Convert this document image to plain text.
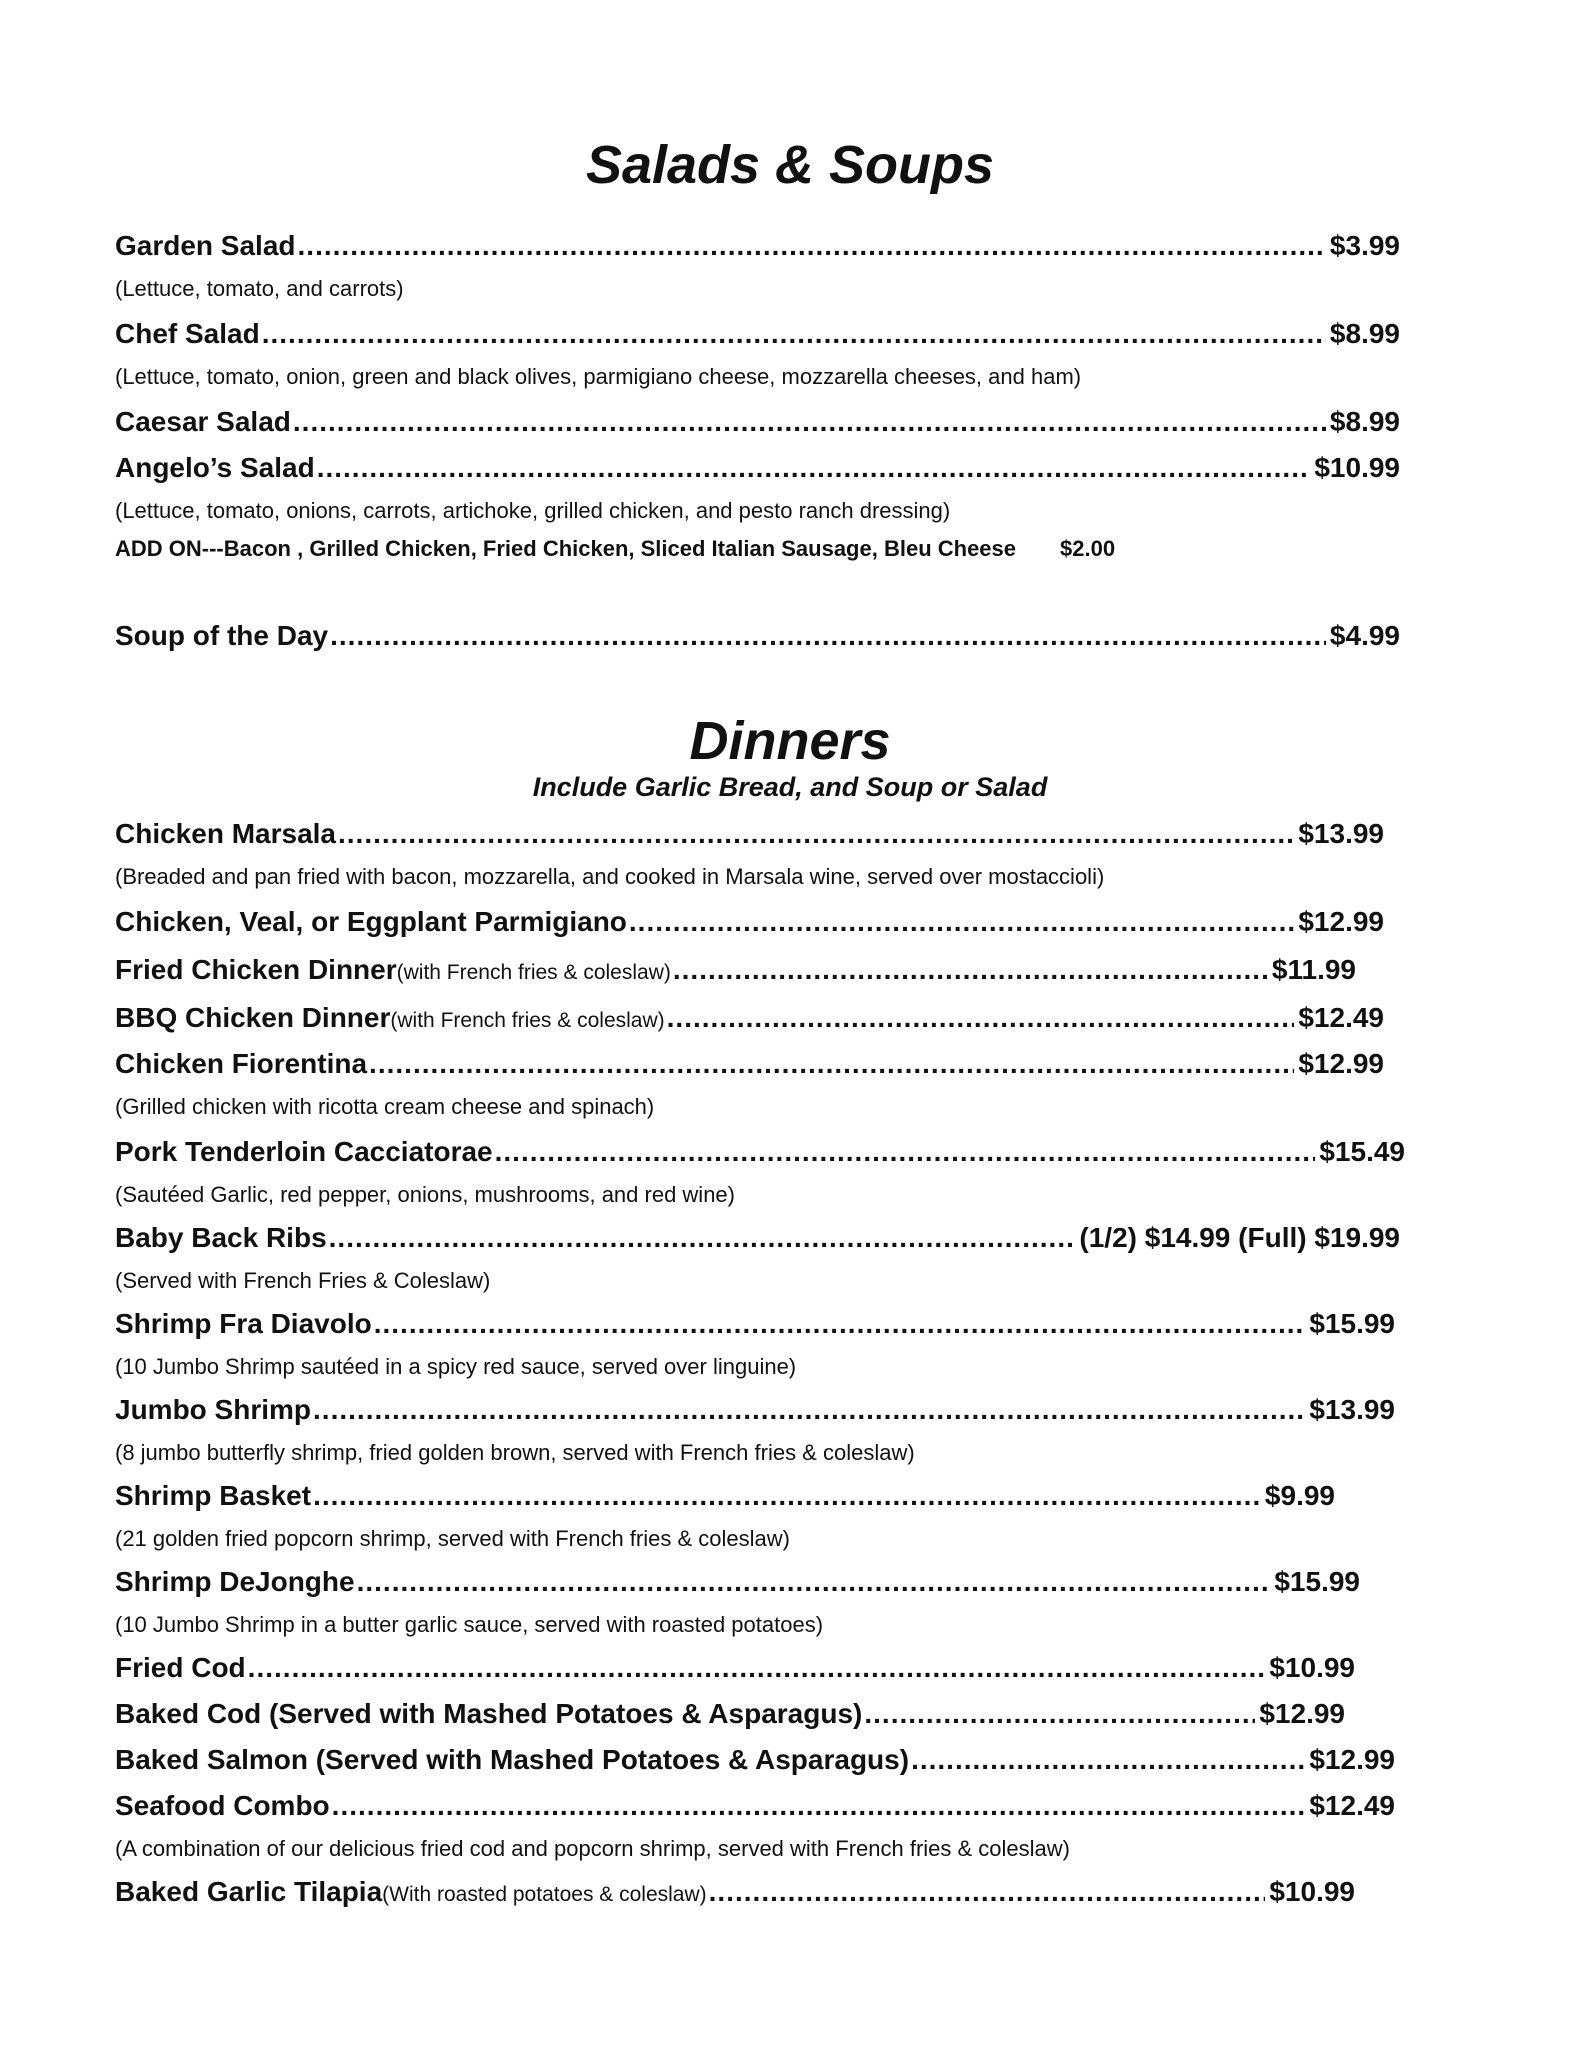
Salads & Soups
Garden Salad .....	$3.99
(Lettuce, tomato, and carrots)
Chef Salad .....	$8.99
(Lettuce, tomato, onion, green and black olives, parmigiano cheese, mozzarella cheeses, and ham)
Caesar Salad .....	$8.99
Angelo’s Salad .....	$10.99
(Lettuce, tomato, onions, carrots, artichoke, grilled chicken, and pesto ranch dressing)
ADD ON---Bacon , Grilled Chicken, Fried Chicken, Sliced Italian Sausage, Bleu Cheese $2.00
Soup of the Day .....	$4.99
Dinners
Include Garlic Bread, and Soup or Salad
Chicken Marsala .....	$13.99
(Breaded and pan fried with bacon, mozzarella, and cooked in Marsala wine, served over mostaccioli)
Chicken, Veal, or Eggplant Parmigiano .....	$12.99
Fried Chicken Dinner (with French fries & coleslaw) .....	$11.99
BBQ Chicken Dinner (with French fries & coleslaw) .....	$12.49
Chicken Fiorentina .....	$12.99
(Grilled chicken with ricotta cream cheese and spinach)
Pork Tenderloin Cacciatorae .....	$15.49
(Sautéed Garlic, red pepper, onions, mushrooms, and red wine)
Baby Back Ribs .....	(1/2) $14.99 (Full) $19.99
(Served with French Fries & Coleslaw)
Shrimp Fra Diavolo .....	$15.99
(10 Jumbo Shrimp sautéed in a spicy red sauce, served over linguine)
Jumbo Shrimp .....	$13.99
(8 jumbo butterfly shrimp, fried golden brown, served with French fries & coleslaw)
Shrimp Basket .....	$9.99
(21 golden fried popcorn shrimp, served with French fries & coleslaw)
Shrimp DeJonghe .....	$15.99
(10 Jumbo Shrimp in a butter garlic sauce, served with roasted potatoes)
Fried Cod .....	$10.99
Baked Cod (Served with Mashed Potatoes & Asparagus) .....	$12.99
Baked Salmon (Served with Mashed Potatoes & Asparagus) .....	$12.99
Seafood Combo .....	$12.49
(A combination of our delicious fried cod and popcorn shrimp, served with French fries & coleslaw)
Baked Garlic Tilapia (With roasted potatoes & coleslaw) .....	$10.99
